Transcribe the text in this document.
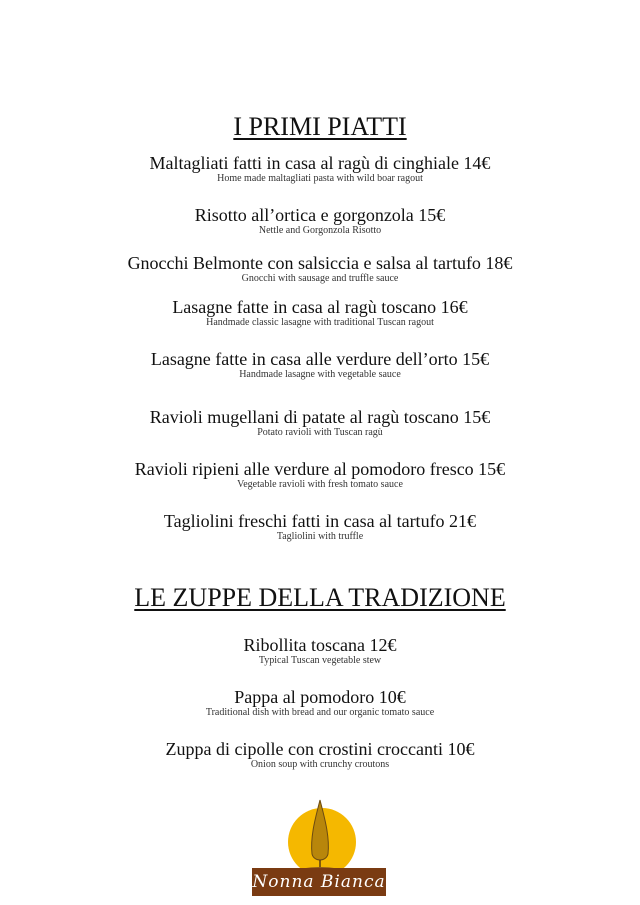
I PRIMI PIATTI
Maltagliati fatti in casa al ragù di cinghiale 14€
Home made maltagliati pasta with wild boar ragout
Risotto all’ortica e gorgonzola 15€
Nettle and Gorgonzola Risotto
Gnocchi Belmonte con salsiccia e salsa al tartufo 18€
Gnocchi with sausage and truffle sauce
Lasagne fatte in casa al ragù toscano 16€
Handmade classic lasagne with traditional Tuscan ragout
Lasagne fatte in casa alle verdure dell’orto 15€
Handmade lasagne with vegetable sauce
Ravioli mugellani di patate al ragù toscano 15€
Potato ravioli with Tuscan ragù
Ravioli ripieni alle verdure al pomodoro fresco 15€
Vegetable ravioli with fresh tomato sauce
Tagliolini freschi fatti in casa al tartufo 21€
Tagliolini with truffle
LE ZUPPE DELLA TRADIZIONE
Ribollita toscana 12€
Typical Tuscan vegetable stew
Pappa al pomodoro 10€
Traditional dish with bread and our organic tomato sauce
Zuppa di cipolle con crostini croccanti 10€
Onion soup with crunchy croutons
Nonna Bianca
